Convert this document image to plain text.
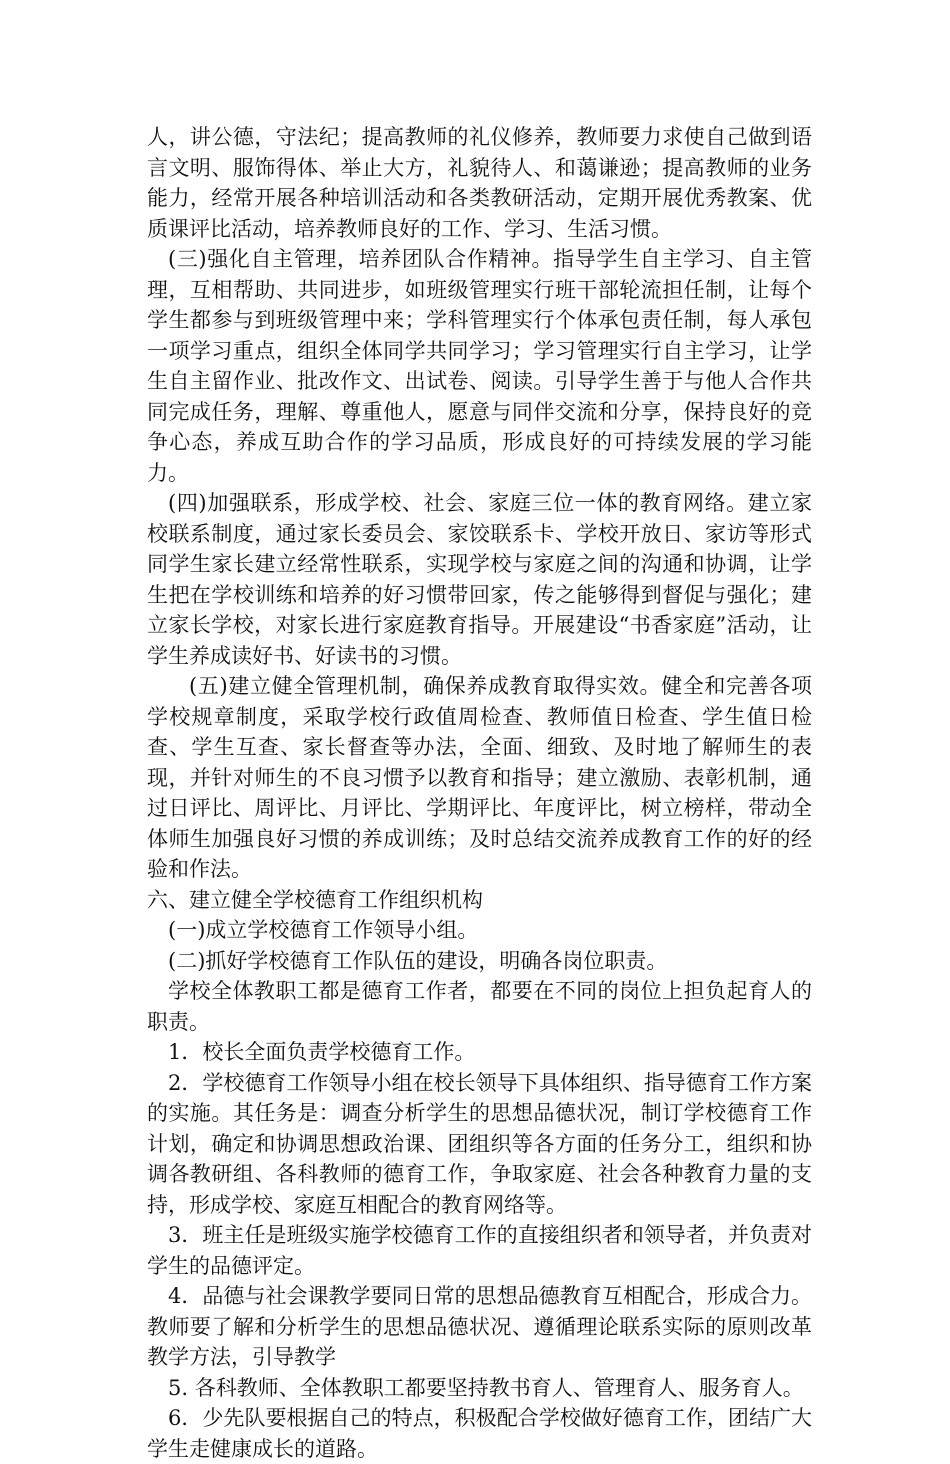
人，讲公德，守法纪；提高教师的礼仪修养，教师要力求使自己做到语言文明、服饰得体、举止大方，礼貌待人、和蔼谦逊；提高教师的业务能力，经常开展各种培训活动和各类教研活动，定期开展优秀教案、优质课评比活动，培养教师良好的工作、学习、生活习惯。

(三)强化自主管理，培养团队合作精神。指导学生自主学习、自主管理，互相帮助、共同进步，如班级管理实行班干部轮流担任制，让每个学生都参与到班级管理中来；学科管理实行个体承包责任制，每人承包一项学习重点，组织全体同学共同学习；学习管理实行自主学习，让学生自主留作业、批改作文、出试卷、阅读。引导学生善于与他人合作共同完成任务，理解、尊重他人，愿意与同伴交流和分享，保持良好的竞争心态，养成互助合作的学习品质，形成良好的可持续发展的学习能力。

(四)加强联系，形成学校、社会、家庭三位一体的教育网络。建立家校联系制度，通过家长委员会、家饺联系卡、学校开放日、家访等形式同学生家长建立经常性联系，实现学校与家庭之间的沟通和协调，让学生把在学校训练和培养的好习惯带回家，传之能够得到督促与强化；建立家长学校，对家长进行家庭教育指导。开展建设“书香家庭”活动，让学生养成读好书、好读书的习惯。

(五)建立健全管理机制，确保养成教育取得实效。健全和完善各项学校规章制度，采取学校行政值周检查、教师值日检查、学生值日检查、学生互查、家长督查等办法，全面、细致、及时地了解师生的表现，并针对师生的不良习惯予以教育和指导；建立激励、表彰机制，通过日评比、周评比、月评比、学期评比、年度评比，树立榜样，带动全体师生加强良好习惯的养成训练；及时总结交流养成教育工作的好的经验和作法。

六、建立健全学校德育工作组织机构

(一)成立学校德育工作领导小组。

(二)抓好学校德育工作队伍的建设，明确各岗位职责。

学校全体教职工都是德育工作者，都要在不同的岗位上担负起育人的职责。

1．校长全面负责学校德育工作。

2．学校德育工作领导小组在校长领导下具体组织、指导德育工作方案的实施。其任务是：调查分析学生的思想品德状况，制订学校德育工作计划，确定和协调思想政治课、团组织等各方面的任务分工，组织和协调各教研组、各科教师的德育工作，争取家庭、社会各种教育力量的支持，形成学校、家庭互相配合的教育网络等。

3．班主任是班级实施学校德育工作的直接组织者和领导者，并负责对学生的品德评定。

4．品德与社会课教学要同日常的思想品德教育互相配合，形成合力。教师要了解和分析学生的思想品德状况、遵循理论联系实际的原则改革教学方法，引导教学

5. 各科教师、全体教职工都要坚持教书育人、管理育人、服务育人。

6．少先队要根据自己的特点，积极配合学校做好德育工作，团结广大学生走健康成长的道路。
